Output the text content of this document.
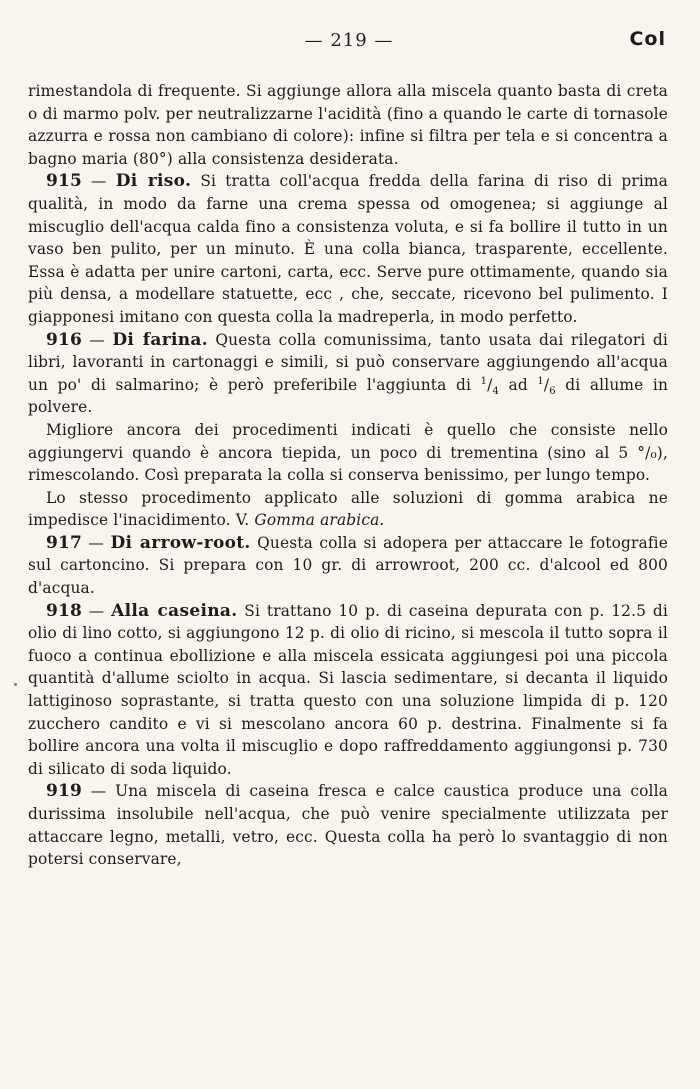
— 219 —	Col

rimestandola di frequente. Si aggiunge allora alla miscela quanto basta di creta o di marmo polv. per neutralizzarne l'acidità (fino a quando le carte di tornasole azzurra e rossa non cambiano di colore): infine si filtra per tela e si concentra a bagno maria (80°) alla consistenza desiderata.

915 — Di riso. Si tratta coll'acqua fredda della farina di riso di prima qualità, in modo da farne una crema spessa od omogenea; si aggiunge al miscuglio dell'acqua calda fino a consistenza voluta, e si fa bollire il tutto in un vaso ben pulito, per un minuto. È una colla bianca, trasparente, eccellente. Essa è adatta per unire cartoni, carta, ecc. Serve pure ottimamente, quando sia più densa, a modellare statuette, ecc , che, seccate, ricevono bel pulimento. I giapponesi imitano con questa colla la madreperla, in modo perfetto.

916 — Di farina. Questa colla comunissima, tanto usata dai rilegatori di libri, lavoranti in cartonaggi e simili, si può conservare aggiungendo all'acqua un po' di salmarino; è però preferibile l'aggiunta di $^1/_4$ ad $^1/_6$ di allume in polvere.

Migliore ancora dei procedimenti indicati è quello che consiste nello aggiungervi quando è ancora tiepida, un poco di trementina (sino al 5 °/₀), rimescolando. Così preparata la colla si conserva benissimo, per lungo tempo.

Lo stesso procedimento applicato alle soluzioni di gomma arabica ne impedisce l'inacidimento. V. Gomma arabica.

917 — Di arrow-root. Questa colla si adopera per attaccare le fotografie sul cartoncino. Si prepara con 10 gr. di arrowroot, 200 cc. d'alcool ed 800 d'acqua.

918 — Alla caseina. Si trattano 10 p. di caseina depurata con p. 12.5 di olio di lino cotto, si aggiungono 12 p. di olio di ricino, si mescola il tutto sopra il fuoco a continua ebollizione e alla miscela essicata aggiungesi poi una piccola quantità d'allume sciolto in acqua. Si lascia sedimentare, si decanta il liquido lattiginoso soprastante, si tratta questo con una soluzione limpida di p. 120 zucchero candito e vi si mescolano ancora 60 p. destrina. Finalmente si fa bollire ancora una volta il miscuglio e dopo raffreddamento aggiungonsi p. 730 di silicato di soda liquido.

919 — Una miscela di caseina fresca e calce caustica produce una colla durissima insolubile nell'acqua, che può venire specialmente utilizzata per attaccare legno, metalli, vetro, ecc. Questa colla ha però lo svantaggio di non potersi conservare,
